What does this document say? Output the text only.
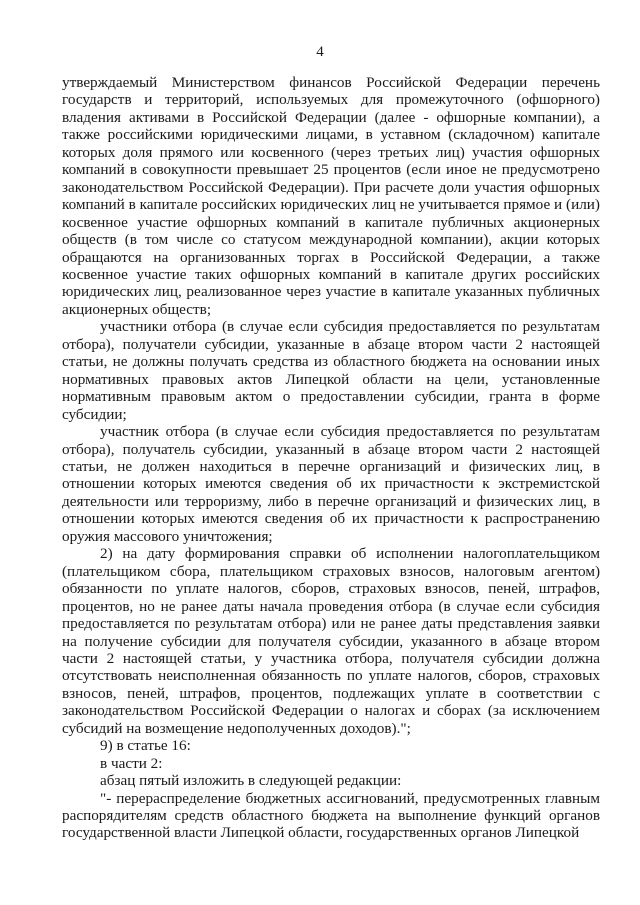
4

утверждаемый Министерством финансов Российской Федерации перечень государств и территорий, используемых для промежуточного (офшорного) владения активами в Российской Федерации (далее - офшорные компании), а также российскими юридическими лицами, в уставном (складочном) капитале которых доля прямого или косвенного (через третьих лиц) участия офшорных компаний в совокупности превышает 25 процентов (если иное не предусмотрено законодательством Российской Федерации). При расчете доли участия офшорных компаний в капитале российских юридических лиц не учитывается прямое и (или) косвенное участие офшорных компаний в капитале публичных акционерных обществ (в том числе со статусом международной компании), акции которых обращаются на организованных торгах в Российской Федерации, а также косвенное участие таких офшорных компаний в капитале других российских юридических лиц, реализованное через участие в капитале указанных публичных акционерных обществ;

участники отбора (в случае если субсидия предоставляется по результатам отбора), получатели субсидии, указанные в абзаце втором части 2 настоящей статьи, не должны получать средства из областного бюджета на основании иных нормативных правовых актов Липецкой области на цели, установленные нормативным правовым актом о предоставлении субсидии, гранта в форме субсидии;

участник отбора (в случае если субсидия предоставляется по результатам отбора), получатель субсидии, указанный в абзаце втором части 2 настоящей статьи, не должен находиться в перечне организаций и физических лиц, в отношении которых имеются сведения об их причастности к экстремистской деятельности или терроризму, либо в перечне организаций и физических лиц, в отношении которых имеются сведения об их причастности к распространению оружия массового уничтожения;

2) на дату формирования справки об исполнении налогоплательщиком (плательщиком сбора, плательщиком страховых взносов, налоговым агентом) обязанности по уплате налогов, сборов, страховых взносов, пеней, штрафов, процентов, но не ранее даты начала проведения отбора (в случае если субсидия предоставляется по результатам отбора) или не ранее даты представления заявки на получение субсидии для получателя субсидии, указанного в абзаце втором части 2 настоящей статьи, у участника отбора, получателя субсидии должна отсутствовать неисполненная обязанность по уплате налогов, сборов, страховых взносов, пеней, штрафов, процентов, подлежащих уплате в соответствии с законодательством Российской Федерации о налогах и сборах (за исключением субсидий на возмещение недополученных доходов).";

9) в статье 16:

в части 2:

абзац пятый изложить в следующей редакции:

"- перераспределение бюджетных ассигнований, предусмотренных главным распорядителям средств областного бюджета на выполнение функций органов государственной власти Липецкой области, государственных органов Липецкой
